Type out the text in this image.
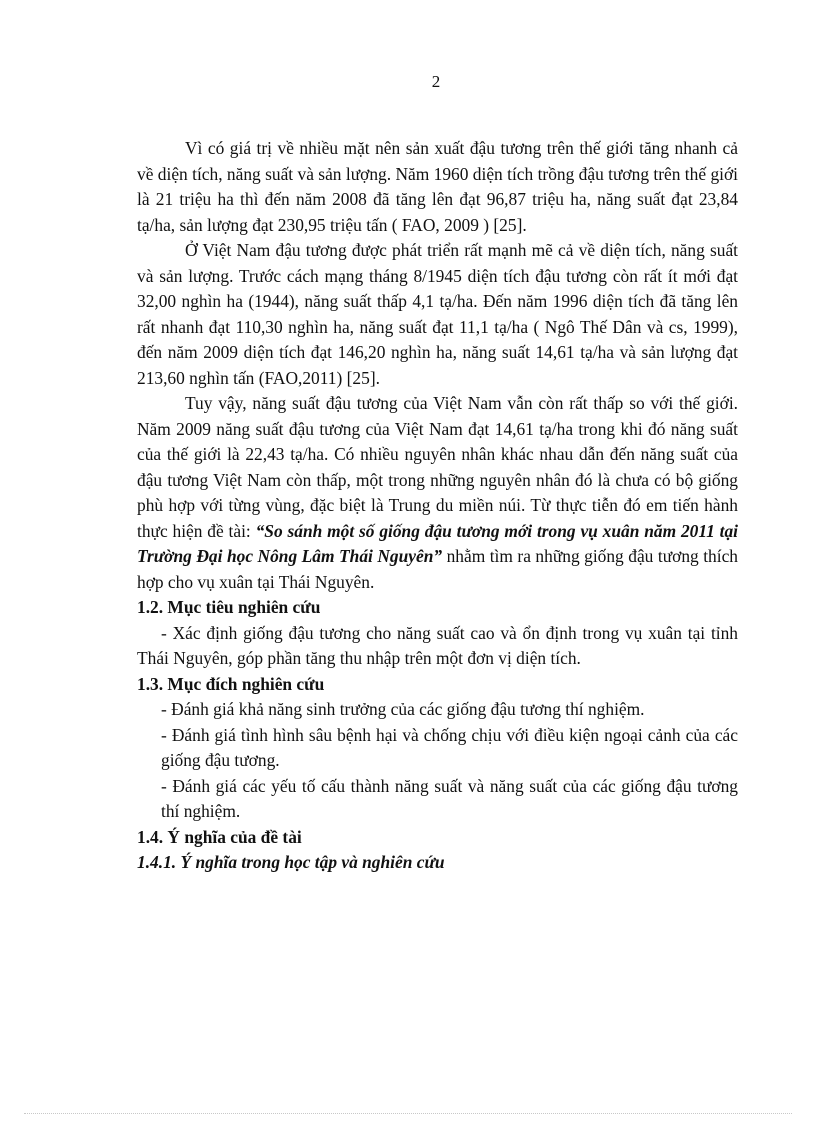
2

Vì có giá trị về nhiều mặt nên sản xuất đậu tương trên thế giới tăng nhanh cả về diện tích, năng suất và sản lượng. Năm 1960 diện tích trồng đậu tương trên thế giới là 21 triệu ha thì đến năm 2008 đã tăng lên đạt 96,87 triệu ha, năng suất đạt 23,84 tạ/ha, sản lượng đạt 230,95 triệu tấn ( FAO, 2009 ) [25].

Ở Việt Nam đậu tương được phát triển rất mạnh mẽ cả về diện tích, năng suất và sản lượng. Trước cách mạng tháng 8/1945 diện tích đậu tương còn rất ít mới đạt 32,00 nghìn ha (1944), năng suất thấp 4,1 tạ/ha. Đến năm 1996 diện tích đã tăng lên rất nhanh đạt 110,30 nghìn ha, năng suất đạt 11,1 tạ/ha ( Ngô Thế Dân và cs, 1999), đến năm 2009 diện tích đạt 146,20 nghìn ha, năng suất 14,61 tạ/ha và sản lượng đạt 213,60 nghìn tấn (FAO,2011) [25].

Tuy vậy, năng suất đậu tương của Việt Nam vẫn còn rất thấp so với thế giới. Năm 2009 năng suất đậu tương của Việt Nam đạt 14,61 tạ/ha trong khi đó năng suất của thế giới là 22,43 tạ/ha. Có nhiều nguyên nhân khác nhau dẫn đến năng suất của đậu tương Việt Nam còn thấp, một trong những nguyên nhân đó là chưa có bộ giống phù hợp với từng vùng, đặc biệt là Trung du miền núi. Từ thực tiễn đó em tiến hành thực hiện đề tài: “So sánh một số giống đậu tương mới trong vụ xuân năm 2011 tại Trường Đại học Nông Lâm Thái Nguyên” nhằm tìm ra những giống đậu tương thích hợp cho vụ xuân tại Thái Nguyên.

1.2. Mục tiêu nghiên cứu

- Xác định giống đậu tương cho năng suất cao và ổn định trong vụ xuân tại tỉnh Thái Nguyên, góp phần tăng thu nhập trên một đơn vị diện tích.

1.3. Mục đích nghiên cứu

- Đánh giá khả năng sinh trưởng của các giống đậu tương thí nghiệm.

- Đánh giá tình hình sâu bệnh hại và chống chịu với điều kiện ngoại cảnh của các giống đậu tương.

- Đánh giá các yếu tố cấu thành năng suất và năng suất của các giống đậu tương thí nghiệm.

1.4. Ý nghĩa của đề tài
1.4.1. Ý nghĩa trong học tập và nghiên cứu
